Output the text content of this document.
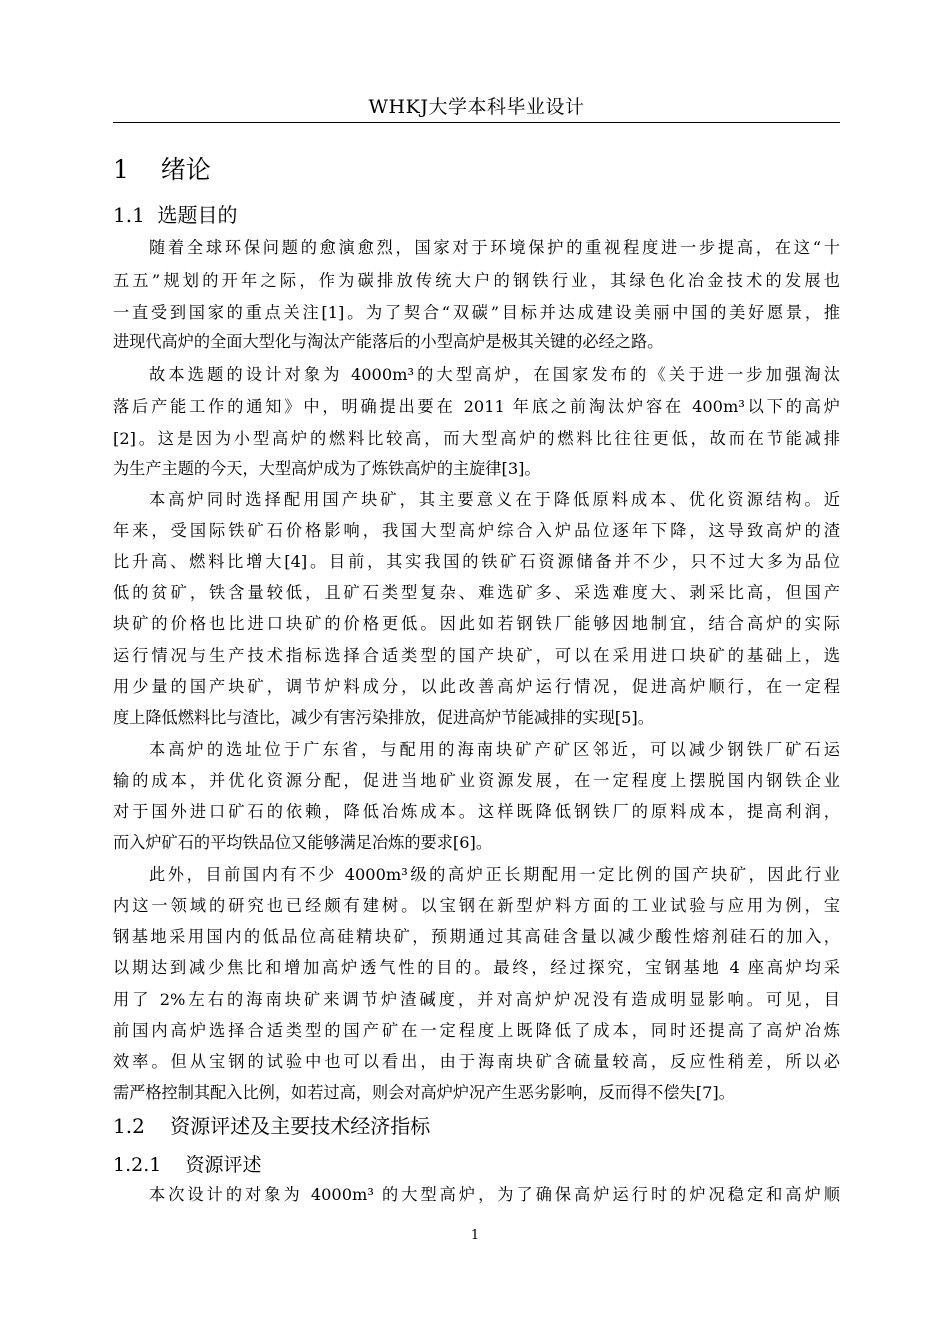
WHKJ大学本科毕业设计
1 绪论
1.1 选题目的
随着全球环保问题的愈演愈烈，国家对于环境保护的重视程度进一步提高，在这“十
五五”规划的开年之际，作为碳排放传统大户的钢铁行业，其绿色化冶金技术的发展也
一直受到国家的重点关注[1]。为了契合“双碳”目标并达成建设美丽中国的美好愿景，推
进现代高炉的全面大型化与淘汰产能落后的小型高炉是极其关键的必经之路。
故本选题的设计对象为 4000m³的大型高炉，在国家发布的《关于进一步加强淘汰
落后产能工作的通知》中，明确提出要在 2011 年底之前淘汰炉容在 400m³以下的高炉
[2]。这是因为小型高炉的燃料比较高，而大型高炉的燃料比往往更低，故而在节能减排
为生产主题的今天，大型高炉成为了炼铁高炉的主旋律[3]。
本高炉同时选择配用国产块矿，其主要意义在于降低原料成本、优化资源结构。近
年来，受国际铁矿石价格影响，我国大型高炉综合入炉品位逐年下降，这导致高炉的渣
比升高、燃料比增大[4]。目前，其实我国的铁矿石资源储备并不少，只不过大多为品位
低的贫矿，铁含量较低，且矿石类型复杂、难选矿多、采选难度大、剥采比高，但国产
块矿的价格也比进口块矿的价格更低。因此如若钢铁厂能够因地制宜，结合高炉的实际
运行情况与生产技术指标选择合适类型的国产块矿，可以在采用进口块矿的基础上，选
用少量的国产块矿，调节炉料成分，以此改善高炉运行情况，促进高炉顺行，在一定程
度上降低燃料比与渣比，减少有害污染排放，促进高炉节能减排的实现[5]。
本高炉的选址位于广东省，与配用的海南块矿产矿区邻近，可以减少钢铁厂矿石运
输的成本，并优化资源分配，促进当地矿业资源发展，在一定程度上摆脱国内钢铁企业
对于国外进口矿石的依赖，降低冶炼成本。这样既降低钢铁厂的原料成本，提高利润，
而入炉矿石的平均铁品位又能够满足冶炼的要求[6]。
此外，目前国内有不少 4000m³级的高炉正长期配用一定比例的国产块矿，因此行业
内这一领域的研究也已经颇有建树。以宝钢在新型炉料方面的工业试验与应用为例，宝
钢基地采用国内的低品位高硅精块矿，预期通过其高硅含量以减少酸性熔剂硅石的加入，
以期达到减少焦比和增加高炉透气性的目的。最终，经过探究，宝钢基地 4 座高炉均采
用了 2%左右的海南块矿来调节炉渣碱度，并对高炉炉况没有造成明显影响。可见，目
前国内高炉选择合适类型的国产矿在一定程度上既降低了成本，同时还提高了高炉冶炼
效率。但从宝钢的试验中也可以看出，由于海南块矿含硫量较高，反应性稍差，所以必
需严格控制其配入比例，如若过高，则会对高炉炉况产生恶劣影响，反而得不偿失[7]。
1.2 资源评述及主要技术经济指标
1.2.1 资源评述
本次设计的对象为 4000m³ 的大型高炉，为了确保高炉运行时的炉况稳定和高炉顺
1
